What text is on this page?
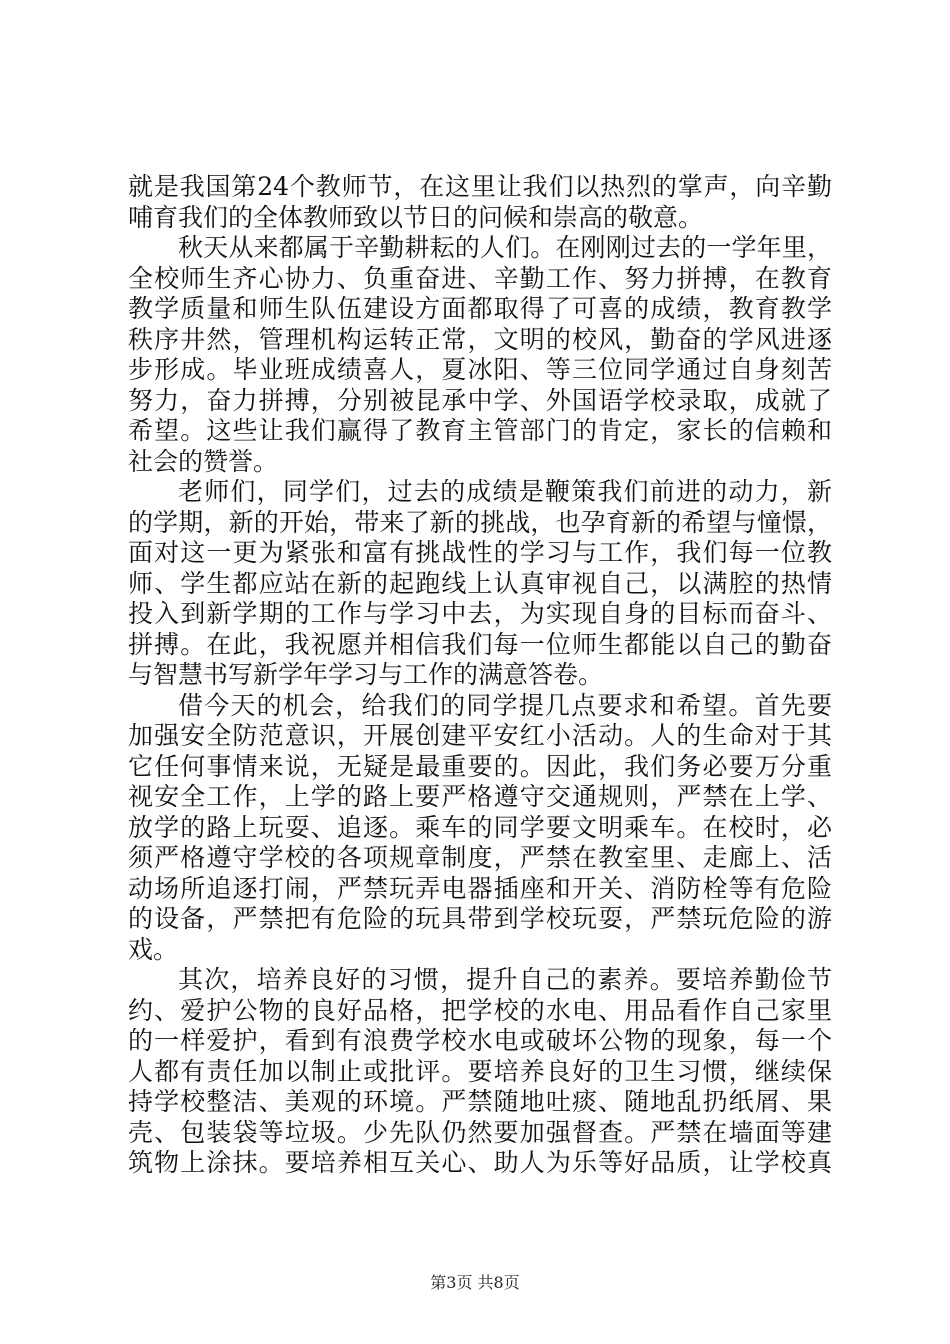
就是我国第24个教师节，在这里让我们以热烈的掌声，向辛勤
哺育我们的全体教师致以节日的问候和崇高的敬意。
秋天从来都属于辛勤耕耘的人们。在刚刚过去的一学年里，
全校师生齐心协力、负重奋进、辛勤工作、努力拼搏，在教育
教学质量和师生队伍建设方面都取得了可喜的成绩，教育教学
秩序井然，管理机构运转正常，文明的校风，勤奋的学风进逐
步形成。毕业班成绩喜人，夏冰阳、等三位同学通过自身刻苦
努力，奋力拼搏，分别被昆承中学、外国语学校录取，成就了
希望。这些让我们赢得了教育主管部门的肯定，家长的信赖和
社会的赞誉。
老师们，同学们，过去的成绩是鞭策我们前进的动力，新
的学期，新的开始，带来了新的挑战，也孕育新的希望与憧憬，
面对这一更为紧张和富有挑战性的学习与工作，我们每一位教
师、学生都应站在新的起跑线上认真审视自己，以满腔的热情
投入到新学期的工作与学习中去，为实现自身的目标而奋斗、
拼搏。在此，我祝愿并相信我们每一位师生都能以自己的勤奋
与智慧书写新学年学习与工作的满意答卷。
借今天的机会，给我们的同学提几点要求和希望。首先要
加强安全防范意识，开展创建平安红小活动。人的生命对于其
它任何事情来说，无疑是最重要的。因此，我们务必要万分重
视安全工作，上学的路上要严格遵守交通规则，严禁在上学、
放学的路上玩耍、追逐。乘车的同学要文明乘车。在校时，必
须严格遵守学校的各项规章制度，严禁在教室里、走廊上、活
动场所追逐打闹，严禁玩弄电器插座和开关、消防栓等有危险
的设备，严禁把有危险的玩具带到学校玩耍，严禁玩危险的游
戏。
其次，培养良好的习惯，提升自己的素养。要培养勤俭节
约、爱护公物的良好品格，把学校的水电、用品看作自己家里
的一样爱护，看到有浪费学校水电或破坏公物的现象，每一个
人都有责任加以制止或批评。要培养良好的卫生习惯，继续保
持学校整洁、美观的环境。严禁随地吐痰、随地乱扔纸屑、果
壳、包装袋等垃圾。少先队仍然要加强督查。严禁在墙面等建
筑物上涂抹。要培养相互关心、助人为乐等好品质，让学校真
第3页 共8页
